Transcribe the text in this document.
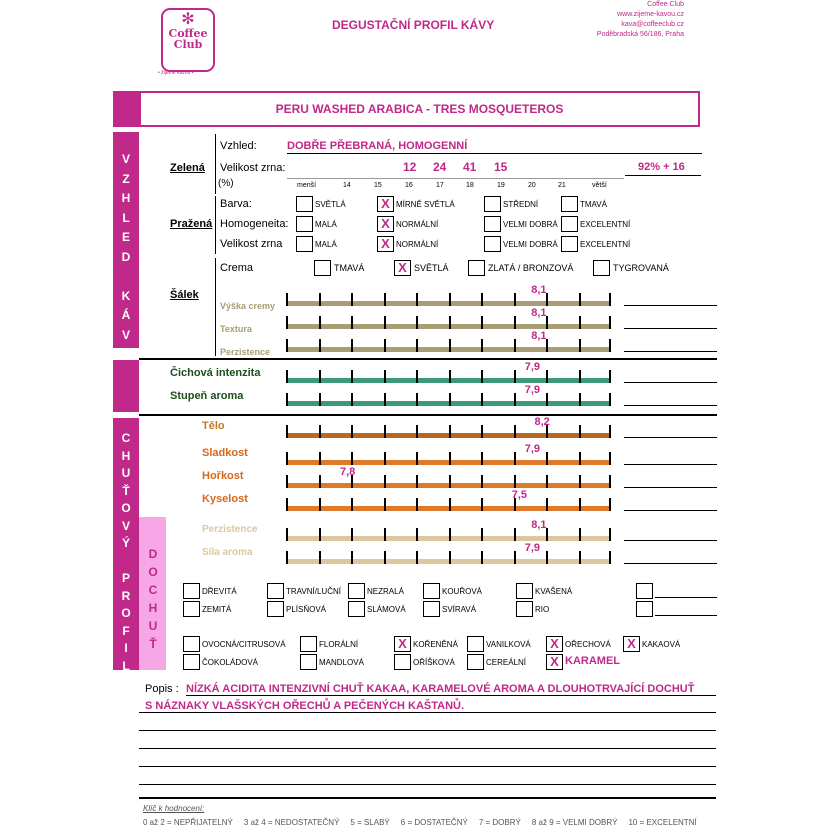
✻
Coffee Club
• žijeme kávou •
DEGUSTAČNÍ PROFIL KÁVY
Coffee Club
www.zijeme-kavou.cz
kava@coffeeclub.cz
Poděbradská 56/186, Praha
PERU WASHED ARABICA - TRES MOSQUETEROS
V
Z
H
L
E
D

K
Á
V
Y
C
H
U
Ť
O
V
Ý

P
R
O
F
I
L
D
O
C
H
U
Ť
Zelená
Vzhled:	DOBŘE PŘEBRANÁ, HOMOGENNÍ
Velikost zrna:	12 24 41 15	92% + 16
(%)	menší	14	15	16	17	18	19	20	21	větší
Pražená
Barva:	SVĚTLÁ	X MÍRNĚ SVĚTLÁ	STŘEDNÍ	TMAVÁ
Homogeneita:	MALÁ	X NORMÁLNÍ	VELMI DOBRÁ	EXCELENTNÍ
Velikost zrna	MALÁ	X NORMÁLNÍ	VELMI DOBRÁ	EXCELENTNÍ
Crema	TMAVÁ	X SVĚTLÁ	ZLATÁ / BRONZOVÁ	TYGROVANÁ
Šálek
Výška cremy
8,1
Textura
8,1
Perzistence
8,1
Čichová intenzita	7,9
Stupeň aroma	7,9
Tělo	8,2
Sladkost	7,9
Hořkost	7,8
Kyselost	7,5
Perzistence	8,1
Síla aroma	7,9
DŘEVITÁ	TRAVNÍ/LUČNÍ	NEZRALÁ	KOUŘOVÁ	KVAŠENÁ
ZEMITÁ	PLÍSŇOVÁ	SLÁMOVÁ	SVÍRAVÁ	RIO
OVOCNÁ/CITRUSOVÁ	FLORÁLNÍ	X KOŘENĚNÁ	VANILKOVÁ	X OŘECHOVÁ	X KAKAOVÁ
ČOKOLÁDOVÁ	MANDLOVÁ	OŘÍŠKOVÁ	CEREÁLNÍ	X KARAMEL
Popis : NÍZKÁ ACIDITA INTENZIVNÍ CHUŤ KAKAA, KARAMELOVÉ AROMA A DLOUHOTRVAJÍCÍ DOCHUŤ
S NÁZNAKY VLAŠSKÝCH OŘECHŮ A PEČENÝCH KAŠTANŮ.
Klíč k hodnocení:
0 až 2 = NEPŘIJATELNÝ 3 až 4 = NEDOSTATEČNÝ 5 = SLABÝ 6 = DOSTATEČNÝ 7 = DOBRÝ 8 až 9 = VELMI DOBRÝ 10 = EXCELENTNÍ
